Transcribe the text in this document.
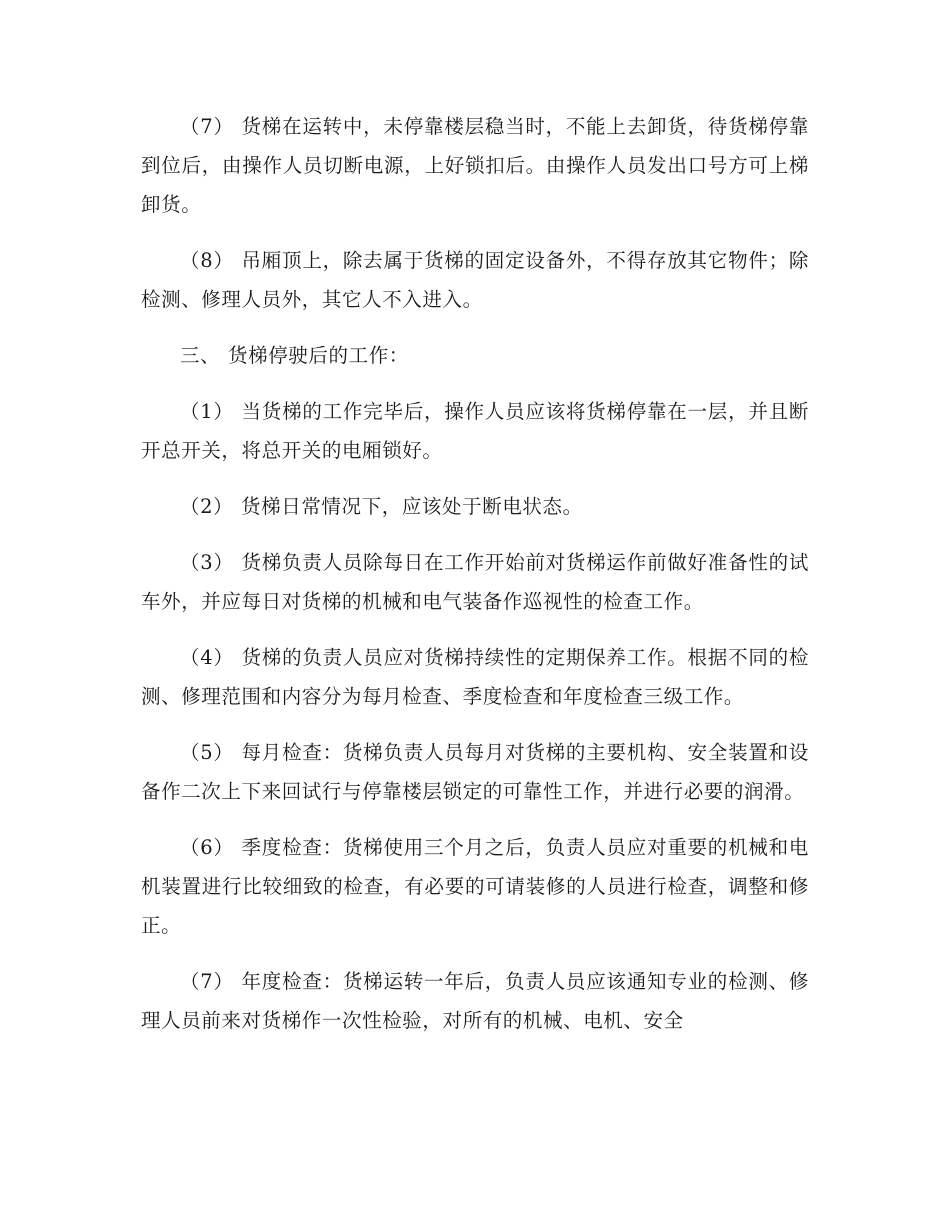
（7） 货梯在运转中，未停靠楼层稳当时，不能上去卸货，待货梯停靠到位后，由操作人员切断电源，上好锁扣后。由操作人员发出口号方可上梯卸货。

（8） 吊厢顶上，除去属于货梯的固定设备外，不得存放其它物件；除检测、修理人员外，其它人不入进入。

三、 货梯停驶后的工作：

（1） 当货梯的工作完毕后，操作人员应该将货梯停靠在一层，并且断开总开关，将总开关的电厢锁好。

（2） 货梯日常情况下，应该处于断电状态。

（3） 货梯负责人员除每日在工作开始前对货梯运作前做好准备性的试车外，并应每日对货梯的机械和电气装备作巡视性的检查工作。

（4） 货梯的负责人员应对货梯持续性的定期保养工作。根据不同的检测、修理范围和内容分为每月检查、季度检查和年度检查三级工作。

（5） 每月检查：货梯负责人员每月对货梯的主要机构、安全装置和设备作二次上下来回试行与停靠楼层锁定的可靠性工作，并进行必要的润滑。

（6） 季度检查：货梯使用三个月之后，负责人员应对重要的机械和电机装置进行比较细致的检查，有必要的可请装修的人员进行检查，调整和修正。

（7） 年度检查：货梯运转一年后，负责人员应该通知专业的检测、修理人员前来对货梯作一次性检验，对所有的机械、电机、安全
